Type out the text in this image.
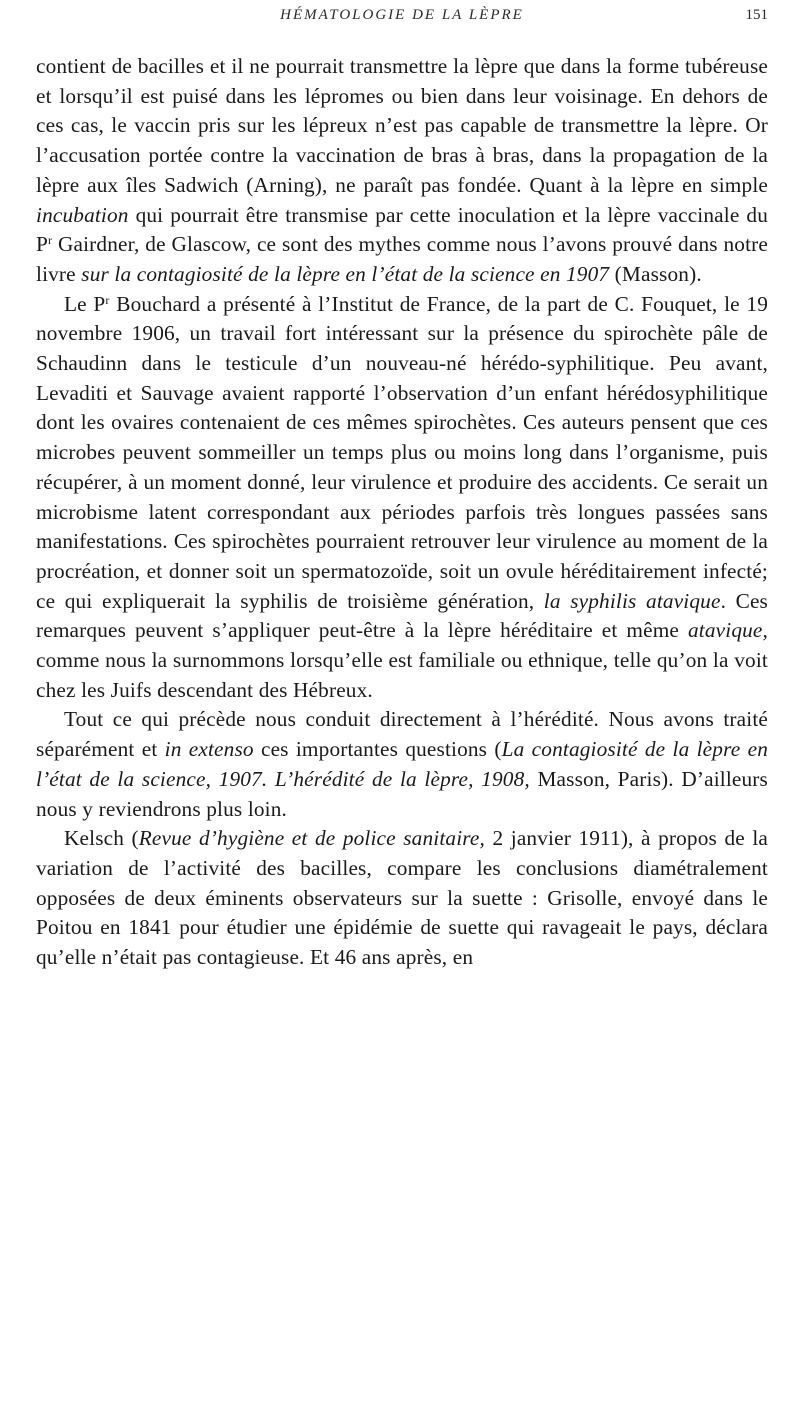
HÉMATOLOGIE DE LA LÈPRE	151

contient de bacilles et il ne pourrait transmettre la lèpre que dans la forme tubéreuse et lorsqu’il est puisé dans les lépromes ou bien dans leur voisinage. En dehors de ces cas, le vaccin pris sur les lépreux n’est pas capable de transmettre la lèpre. Or l’accusation portée contre la vaccination de bras à bras, dans la propagation de la lèpre aux îles Sadwich (Arning), ne paraît pas fondée. Quant à la lèpre en simple incubation qui pourrait être transmise par cette inoculation et la lèpre vaccinale du $P^r$ Gairdner, de Glascow, ce sont des mythes comme nous l’avons prouvé dans notre livre sur la contagiosité de la lèpre en l’état de la science en 1907 (Masson).

Le $P^r$ Bouchard a présenté à l’Institut de France, de la part de C. Fouquet, le 19 novembre 1906, un travail fort intéressant sur la présence du spirochète pâle de Schaudinn dans le testicule d’un nouveau-né hérédo-syphilitique. Peu avant, Levaditi et Sauvage avaient rapporté l’observation d’un enfant hérédosyphilitique dont les ovaires contenaient de ces mêmes spirochètes. Ces auteurs pensent que ces microbes peuvent sommeiller un temps plus ou moins long dans l’organisme, puis récupérer, à un moment donné, leur virulence et produire des accidents. Ce serait un microbisme latent correspondant aux périodes parfois très longues passées sans manifestations. Ces spirochètes pourraient retrouver leur virulence au moment de la procréation, et donner soit un spermatozoïde, soit un ovule héréditairement infecté; ce qui expliquerait la syphilis de troisième génération, la syphilis atavique. Ces remarques peuvent s’appliquer peut-être à la lèpre héréditaire et même atavique, comme nous la surnommons lorsqu’elle est familiale ou ethnique, telle qu’on la voit chez les Juifs descendant des Hébreux.

Tout ce qui précède nous conduit directement à l’hérédité. Nous avons traité séparément et in extenso ces importantes questions (La contagiosité de la lèpre en l’état de la science, 1907. L’hérédité de la lèpre, 1908, Masson, Paris). D’ailleurs nous y reviendrons plus loin.

Kelsch (Revue d’hygiène et de police sanitaire, 2 janvier 1911), à propos de la variation de l’activité des bacilles, compare les conclusions diamétralement opposées de deux éminents observateurs sur la suette : Grisolle, envoyé dans le Poitou en 1841 pour étudier une épidémie de suette qui ravageait le pays, déclara qu’elle n’était pas contagieuse. Et 46 ans après, en
